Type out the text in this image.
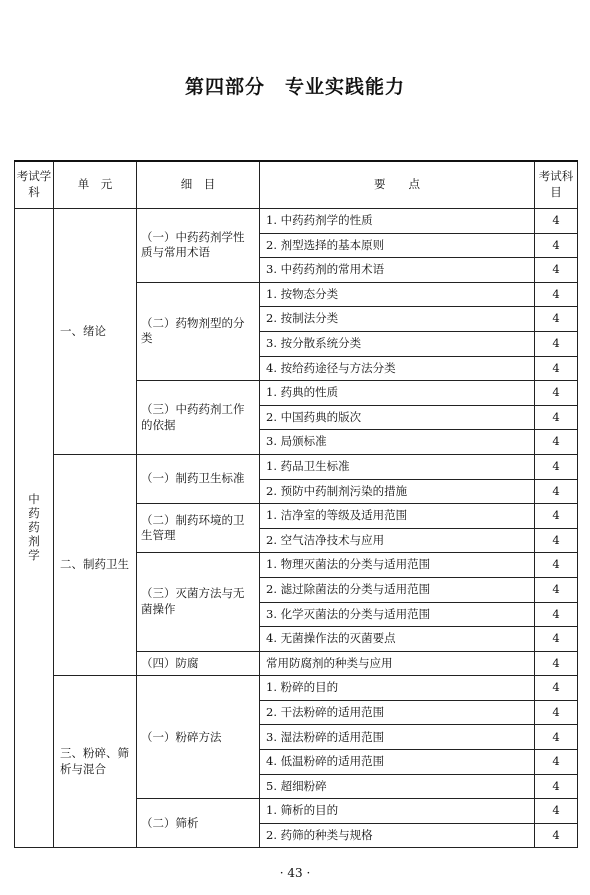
第四部分　专业实践能力
考试学科	单　元	细　目	要　　点	考试科目
中药药剂学	一、绪论	（一）中药药剂学性质与常用术语	1. 中药药剂学的性质	4
			2. 剂型选择的基本原则	4
			3. 中药药剂的常用术语	4
		（二）药物剂型的分类	1. 按物态分类	4
			2. 按制法分类	4
			3. 按分散系统分类	4
			4. 按给药途径与方法分类	4
		（三）中药药剂工作的依据	1. 药典的性质	4
			2. 中国药典的版次	4
			3. 局颁标准	4
	二、制药卫生	（一）制药卫生标准	1. 药品卫生标准	4
			2. 预防中药制剂污染的措施	4
		（二）制药环境的卫生管理	1. 洁净室的等级及适用范围	4
			2. 空气洁净技术与应用	4
		（三）灭菌方法与无菌操作	1. 物理灭菌法的分类与适用范围	4
			2. 滤过除菌法的分类与适用范围	4
			3. 化学灭菌法的分类与适用范围	4
			4. 无菌操作法的灭菌要点	4
		（四）防腐	常用防腐剂的种类与应用	4
	三、粉碎、筛析与混合	（一）粉碎方法	1. 粉碎的目的	4
			2. 干法粉碎的适用范围	4
			3. 湿法粉碎的适用范围	4
			4. 低温粉碎的适用范围	4
			5. 超细粉碎	4
		（二）筛析	1. 筛析的目的	4
			2. 药筛的种类与规格	4
· 43 ·
